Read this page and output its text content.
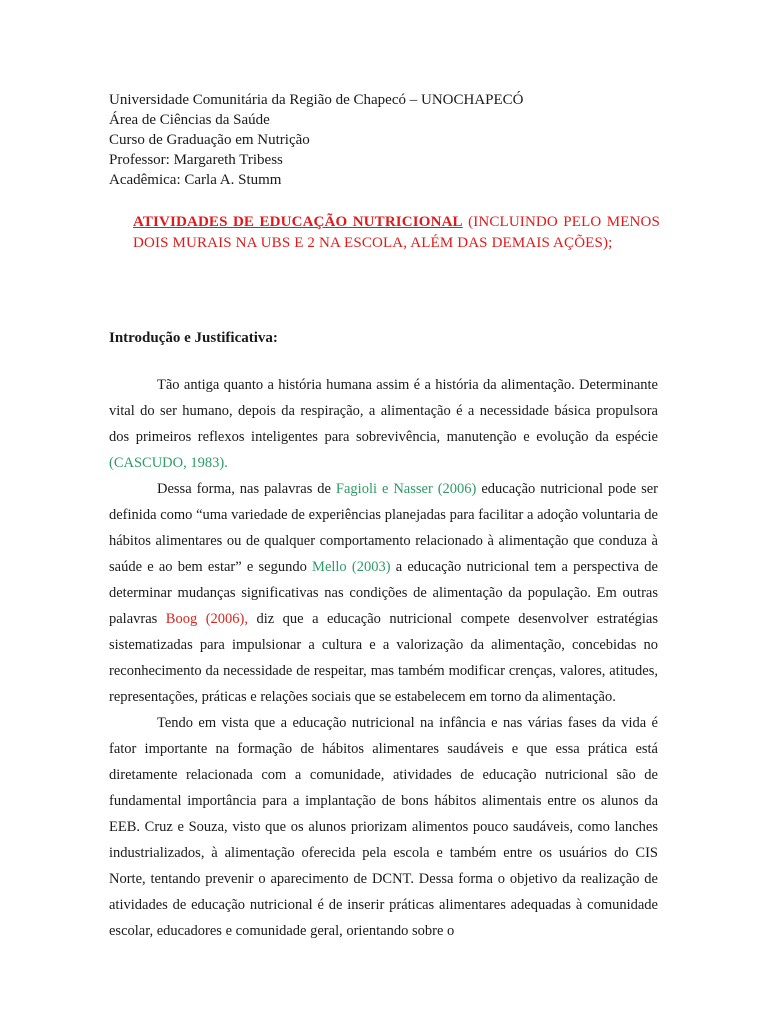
Universidade Comunitária da Região de Chapecó – UNOCHAPECÓ
Área de Ciências da Saúde
Curso de Graduação em Nutrição
Professor: Margareth Tribess
Acadêmica: Carla A. Stumm
ATIVIDADES DE EDUCAÇÃO NUTRICIONAL (INCLUINDO PELO MENOS DOIS MURAIS NA UBS E 2 NA ESCOLA, ALÉM DAS DEMAIS AÇÕES);
Introdução e Justificativa:

Tão antiga quanto a história humana assim é a história da alimentação. Determinante vital do ser humano, depois da respiração, a alimentação é a necessidade básica propulsora dos primeiros reflexos inteligentes para sobrevivência, manutenção e evolução da espécie (CASCUDO, 1983).

Dessa forma, nas palavras de Fagioli e Nasser (2006) educação nutricional pode ser definida como “uma variedade de experiências planejadas para facilitar a adoção voluntaria de hábitos alimentares ou de qualquer comportamento relacionado à alimentação que conduza à saúde e ao bem estar” e segundo Mello (2003) a educação nutricional tem a perspectiva de determinar mudanças significativas nas condições de alimentação da população. Em outras palavras Boog (2006), diz que a educação nutricional compete desenvolver estratégias sistematizadas para impulsionar a cultura e a valorização da alimentação, concebidas no reconhecimento da necessidade de respeitar, mas também modificar crenças, valores, atitudes, representações, práticas e relações sociais que se estabelecem em torno da alimentação.

Tendo em vista que a educação nutricional na infância e nas várias fases da vida é fator importante na formação de hábitos alimentares saudáveis e que essa prática está diretamente relacionada com a comunidade, atividades de educação nutricional são de fundamental importância para a implantação de bons hábitos alimentais entre os alunos da EEB. Cruz e Souza, visto que os alunos priorizam alimentos pouco saudáveis, como lanches industrializados, à alimentação oferecida pela escola e também entre os usuários do CIS Norte, tentando prevenir o aparecimento de DCNT. Dessa forma o objetivo da realização de atividades de educação nutricional é de inserir práticas alimentares adequadas à comunidade escolar, educadores e comunidade geral, orientando sobre o
